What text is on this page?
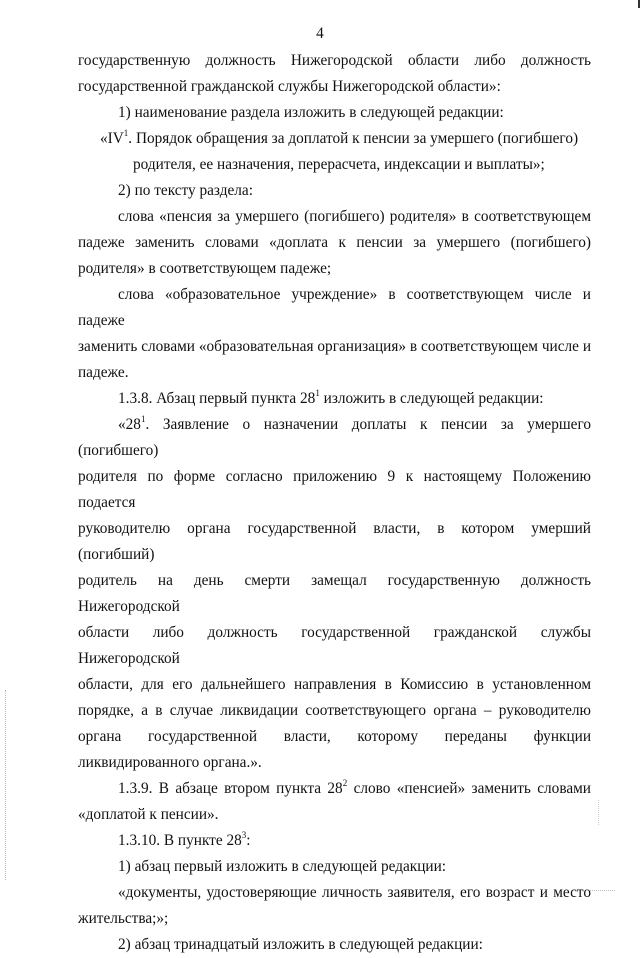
4

государственную должность Нижегородской области либо должность

государственной гражданской службы Нижегородской области»:

1) наименование раздела изложить в следующей редакции:

«$IV^1$. Порядок обращения за доплатой к пенсии за умершего (погибшего)

родителя, ее назначения, перерасчета, индексации и выплаты»;

2) по тексту раздела:

слова «пенсия за умершего (погибшего) родителя» в соответствующем

падеже заменить словами «доплата к пенсии за умершего (погибшего)

родителя» в соответствующем падеже;

слова «образовательное учреждение» в соответствующем числе и падеже

заменить словами «образовательная организация» в соответствующем числе и

падеже.

1.3.8. Абзац первый пункта $28^1$ изложить в следующей редакции:

«$28^1$. Заявление о назначении доплаты к пенсии за умершего (погибшего)

родителя по форме согласно приложению 9 к настоящему Положению подается

руководителю органа государственной власти, в котором умерший (погибший)

родитель на день смерти замещал государственную должность Нижегородской

области либо должность государственной гражданской службы Нижегородской

области, для его дальнейшего направления в Комиссию в установленном

порядке, а в случае ликвидации соответствующего органа – руководителю

органа государственной власти, которому переданы функции

ликвидированного органа.».

1.3.9. В абзаце втором пункта $28^2$ слово «пенсией» заменить словами

«доплатой к пенсии».

1.3.10. В пункте $28^3$:

1) абзац первый изложить в следующей редакции:

«документы, удостоверяющие личность заявителя, его возраст и место

жительства;»;

2) абзац тринадцатый изложить в следующей редакции:
